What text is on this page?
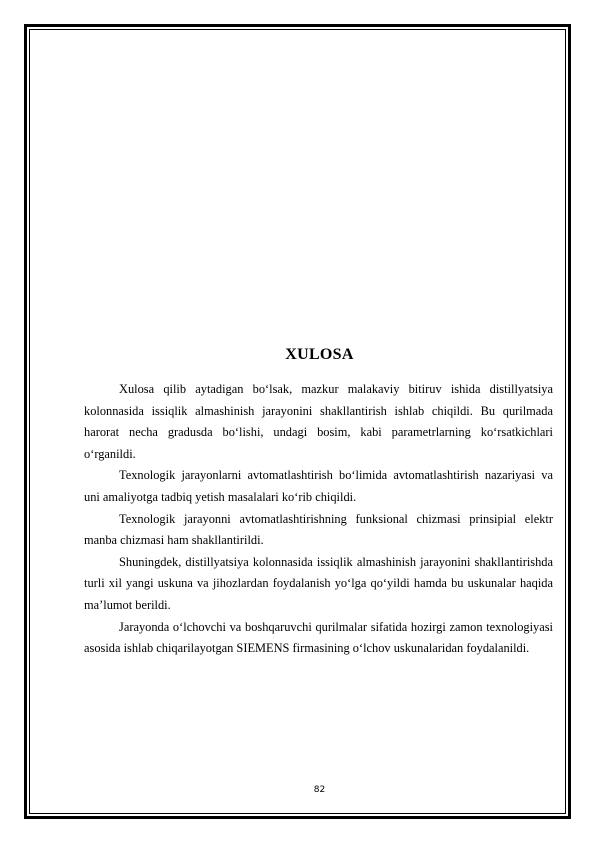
XULOSA

Xulosa qilib aytadigan bo‘lsak, mazkur malakaviy bitiruv ishida distillyatsiya kolonnasida issiqlik almashinish jarayonini shakllantirish ishlab chiqildi. Bu qurilmada harorat necha gradusda bo‘lishi, undagi bosim, kabi parametrlarning ko‘rsatkichlari o‘rganildi.

Texnologik jarayonlarni avtomatlashtirish bo‘limida avtomatlashtirish nazariyasi va uni amaliyotga tadbiq yetish masalalari ko‘rib chiqildi.

Texnologik jarayonni avtomatlashtirishning funksional chizmasi prinsipial elektr manba chizmasi ham shakllantirildi.

Shuningdek, distillyatsiya kolonnasida issiqlik almashinish jarayonini shakllantirishda turli xil yangi uskuna va jihozlardan foydalanish yo‘lga qo‘yildi hamda bu uskunalar haqida ma’lumot berildi.

Jarayonda o‘lchovchi va boshqaruvchi qurilmalar sifatida hozirgi zamon texnologiyasi asosida ishlab chiqarilayotgan SIEMENS firmasining o‘lchov uskunalaridan foydalanildi.

82
